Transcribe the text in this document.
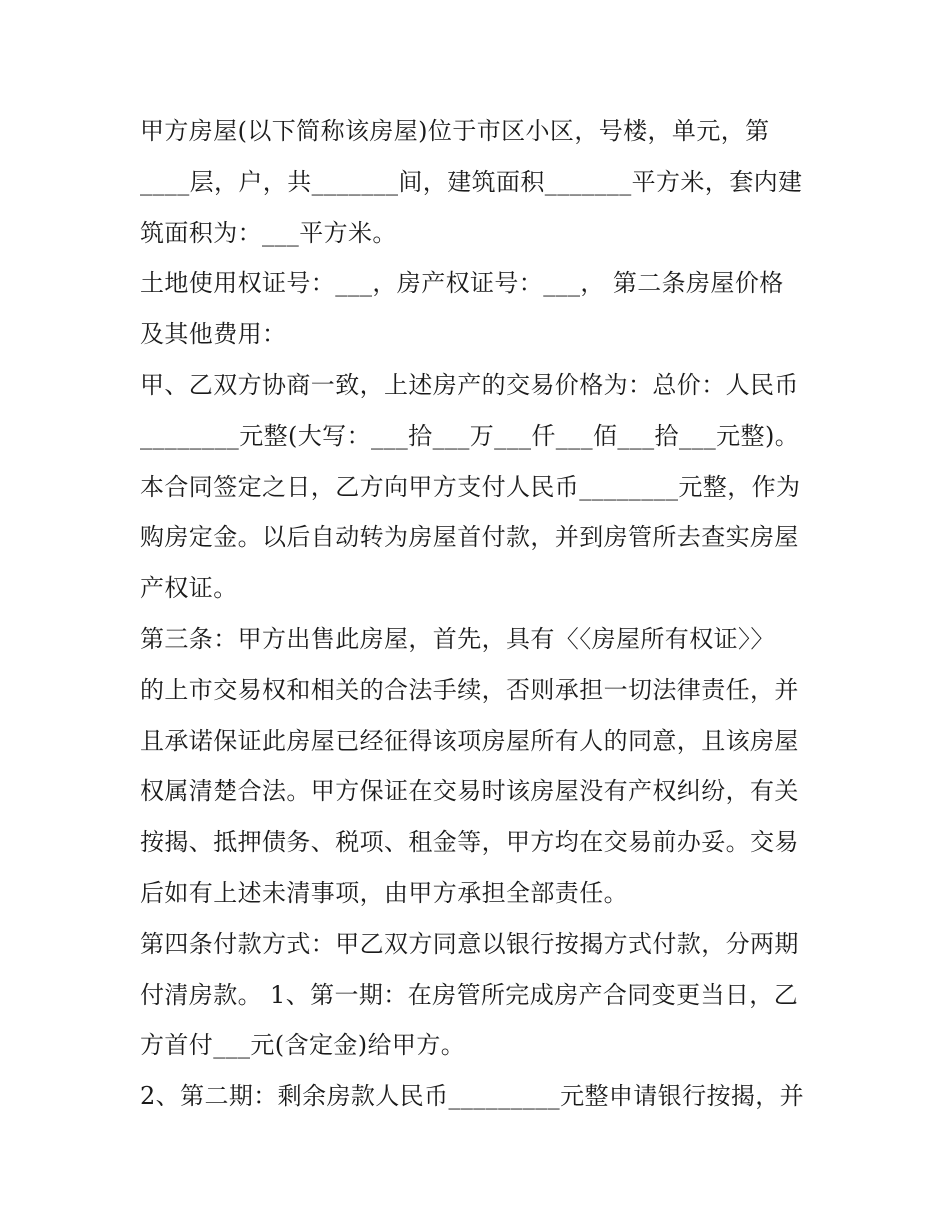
甲方房屋(以下简称该房屋)位于市区小区，号楼，单元，第
____层，户，共_______间，建筑面积_______平方米，套内建
筑面积为：___平方米。
土地使用权证号：___，房产权证号：___， 第二条房屋价格
及其他费用：
甲、乙双方协商一致，上述房产的交易价格为：总价：人民币
________元整(大写：___拾___万___仟___佰___拾___元整)。
本合同签定之日，乙方向甲方支付人民币________元整，作为
购房定金。以后自动转为房屋首付款，并到房管所去查实房屋
产权证。
第三条：甲方出售此房屋，首先，具有〈〈房屋所有权证〉〉
的上市交易权和相关的合法手续，否则承担一切法律责任，并
且承诺保证此房屋已经征得该项房屋所有人的同意，且该房屋
权属清楚合法。甲方保证在交易时该房屋没有产权纠纷，有关
按揭、抵押债务、税项、租金等，甲方均在交易前办妥。交易
后如有上述未清事项，由甲方承担全部责任。
第四条付款方式：甲乙双方同意以银行按揭方式付款，分两期
付清房款。 1、第一期：在房管所完成房产合同变更当日，乙
方首付___元(含定金)给甲方。
2、第二期：剩余房款人民币_________元整申请银行按揭，并
